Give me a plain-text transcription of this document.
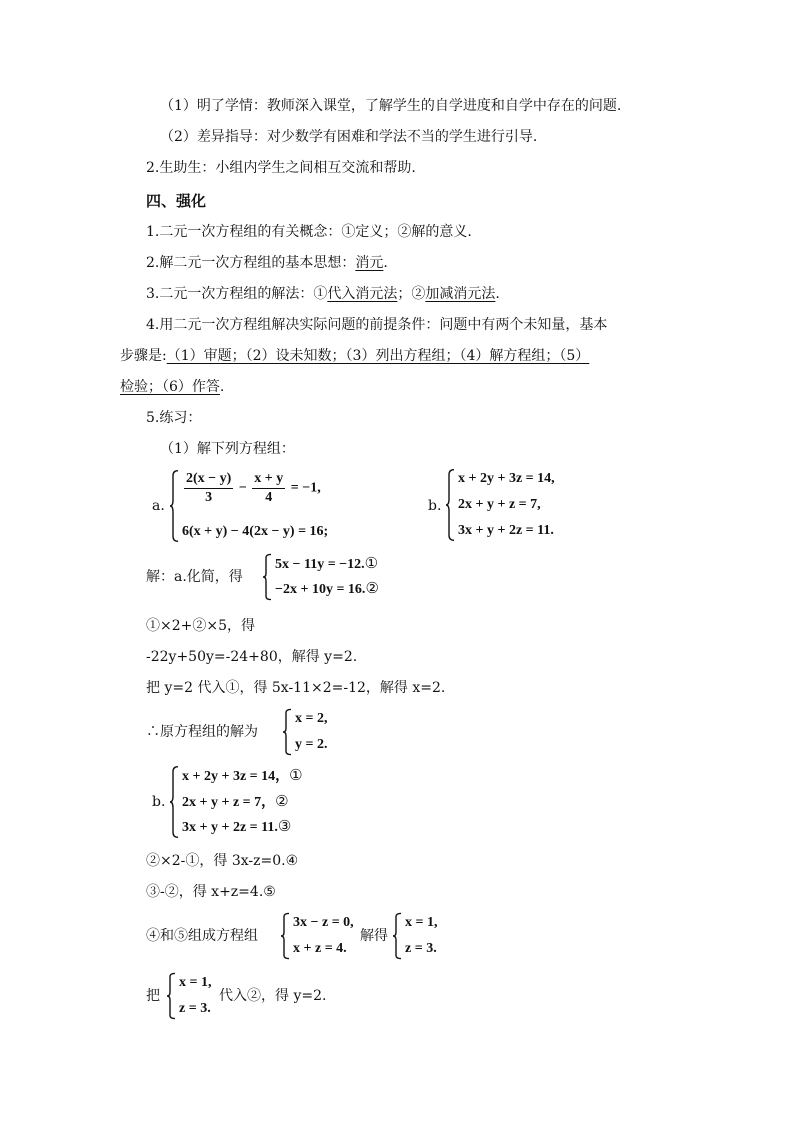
（1）明了学情：教师深入课堂，了解学生的自学进度和自学中存在的问题.
（2）差异指导：对少数学有困难和学法不当的学生进行引导.
2.生助生：小组内学生之间相互交流和帮助.
四、强化
1.二元一次方程组的有关概念：①定义；②解的意义.
2.解二元一次方程组的基本思想：消元.
3.二元一次方程组的解法：①代入消元法；②加减消元法.
4.用二元一次方程组解决实际问题的前提条件：问题中有两个未知量，基本
步骤是:（1）审题；（2）设未知数；（3）列出方程组；（4）解方程组；（5）
检验；（6）作答.
5.练习：
（1）解下列方程组：
a. $\frac{2(x - y)}{3} - \frac{x + y}{4} = -1$,
6(x + y) − 4(2x − y) = 16;
b.
x + 2y + 3z = 14,
2x + y + z = 7,
3x + y + 2z = 11.
解：a.化简，得
5x − 11y = −12.①
−2x + 10y = 16.②
①×2+②×5，得
-22y+50y=-24+80，解得 y=2.
把 y=2 代入①，得 5x-11×2=-12，解得 x=2.
∴原方程组的解为
x = 2,
y = 2.
b.
x + 2y + 3z = 14，①
2x + y + z = 7，②
3x + y + 2z = 11.③
②×2-①，得 3x-z=0.④
③-②，得 x+z=4.⑤
④和⑤组成方程组
3x − z = 0,
x + z = 4.
解得
x = 1,
z = 3.
把
x = 1,
z = 3.
代入②，得 y=2.
